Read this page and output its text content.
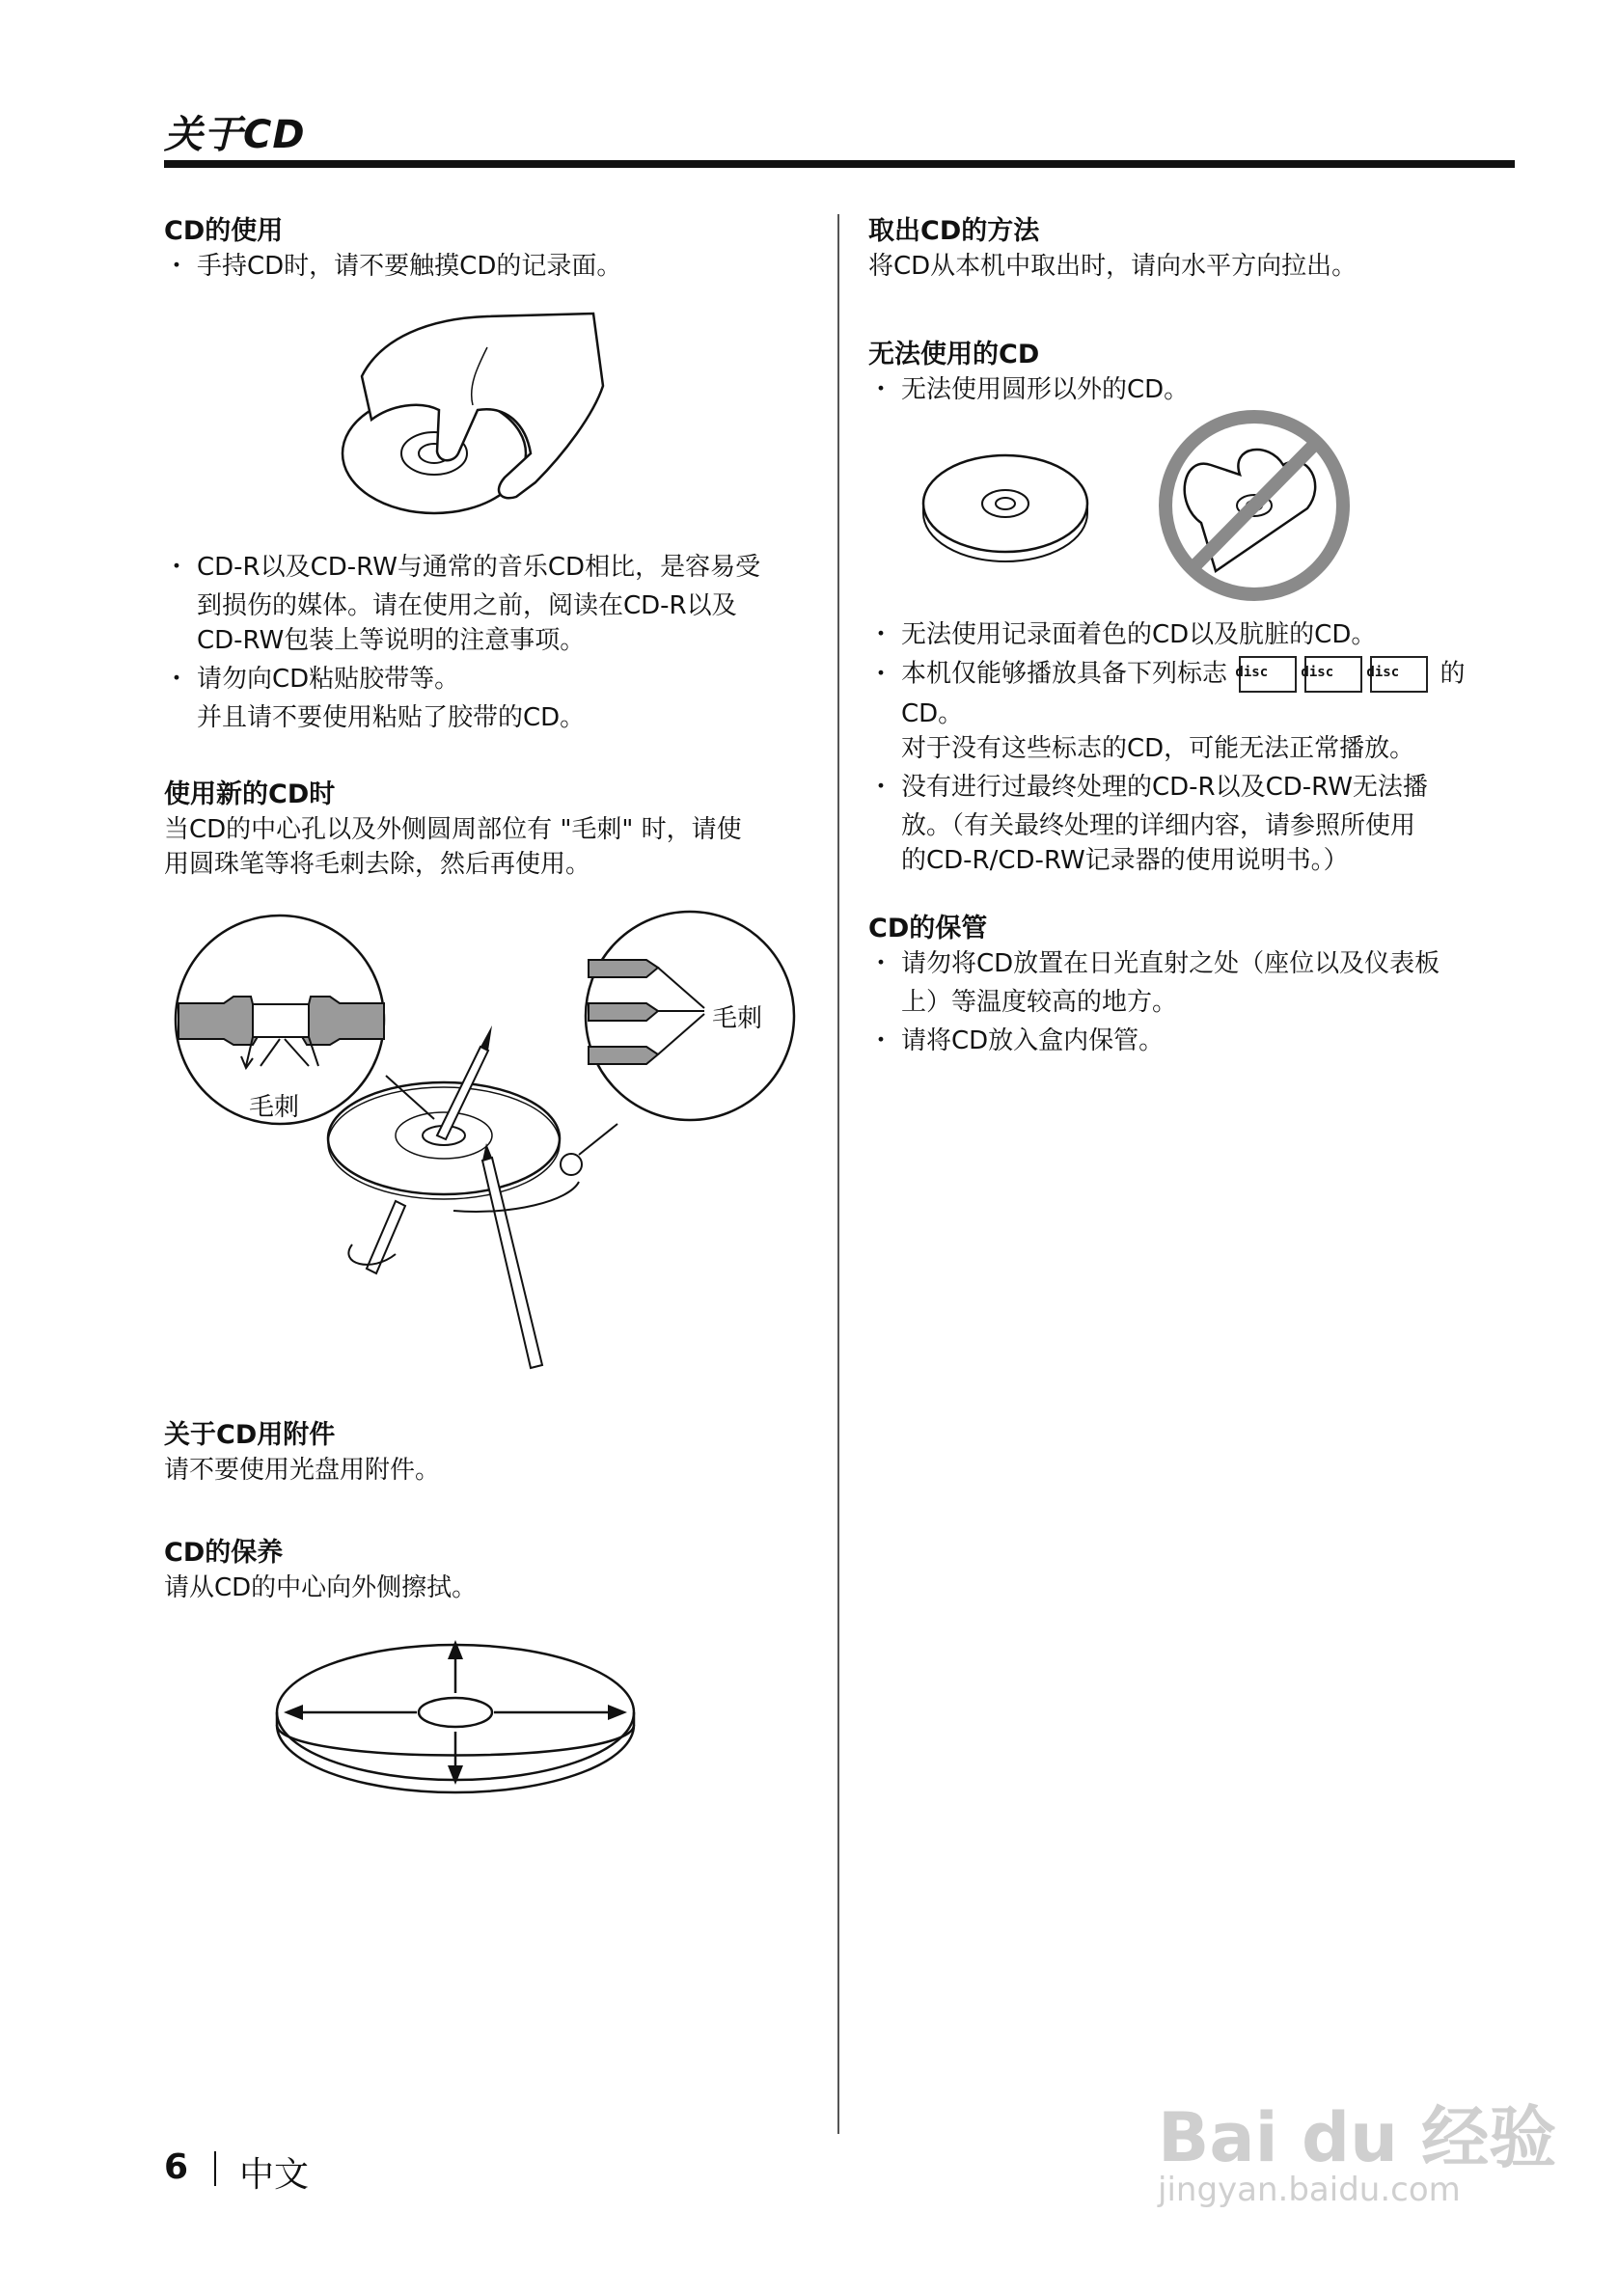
关于CD
CD的使用
・ 手持CD时，请不要触摸CD的记录面。
・ CD-R以及CD-RW与通常的音乐CD相比，是容易受
到损伤的媒体。请在使用之前，阅读在CD-R以及
CD-RW包装上等说明的注意事项。
・ 请勿向CD粘贴胶带等。
并且请不要使用粘贴了胶带的CD。
使用新的CD时
当CD的中心孔以及外侧圆周部位有 "毛刺" 时，请使
用圆珠笔等将毛刺去除，然后再使用。
毛刺
毛刺
关于CD用附件
请不要使用光盘用附件。
CD的保养
请从CD的中心向外侧擦拭。
取出CD的方法
将CD从本机中取出时，请向水平方向拉出。
无法使用的CD
・ 无法使用圆形以外的CD。
・ 无法使用记录面着色的CD以及肮脏的CD。
・ 本机仅能够播放具备下列标志 disc disc disc 的
CD。
对于没有这些标志的CD，可能无法正常播放。
・ 没有进行过最终处理的CD-R以及CD-RW无法播
放。（有关最终处理的详细内容，请参照所使用
的CD-R/CD-RW记录器的使用说明书。）
CD的保管
・ 请勿将CD放置在日光直射之处（座位以及仪表板
上）等温度较高的地方。
・ 请将CD放入盒内保管。
6 中文	Bai du 经验
jingyan.baidu.com
